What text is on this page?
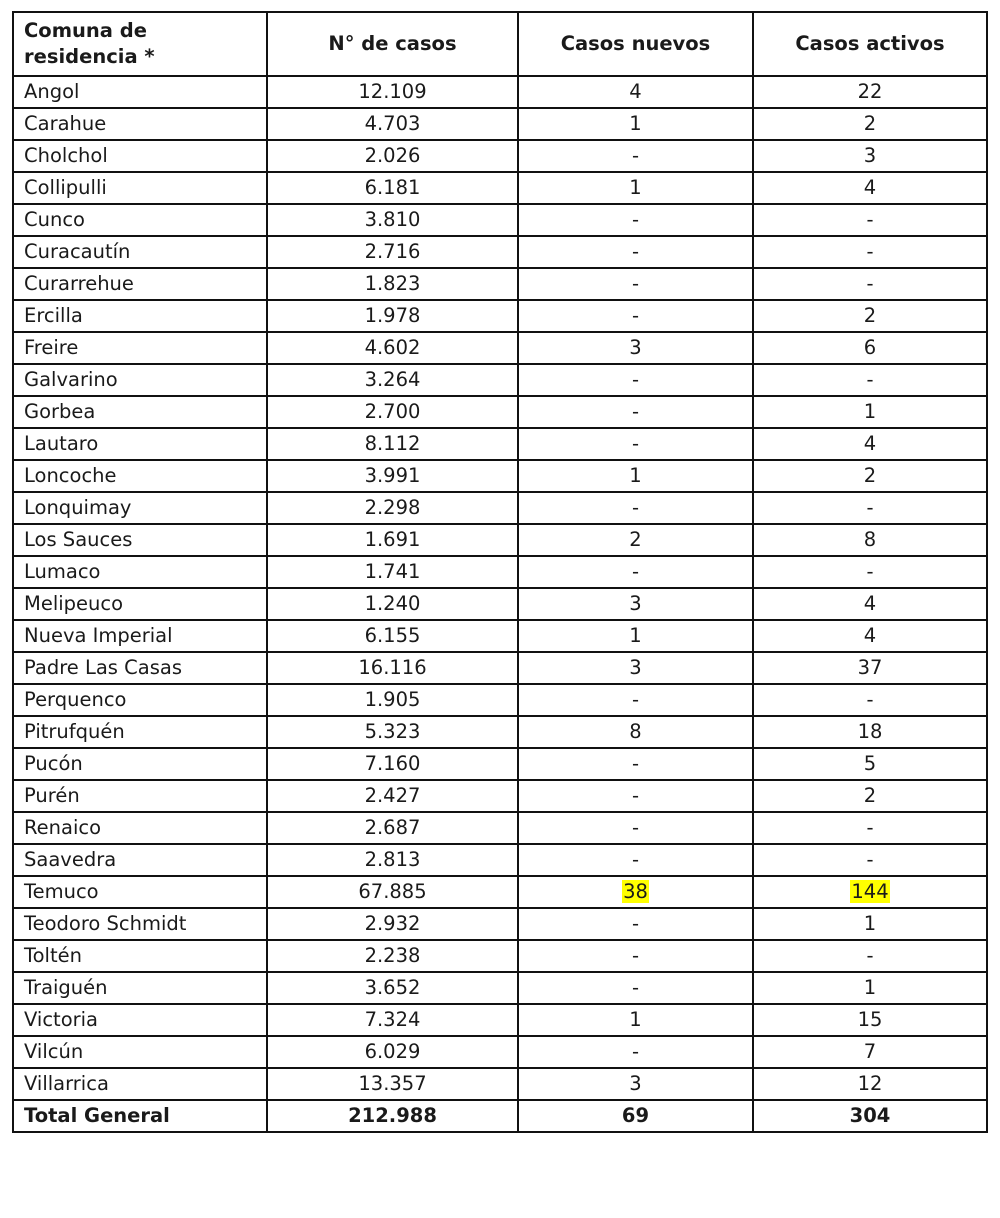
Comuna de residencia *	N° de casos	Casos nuevos	Casos activos
Angol	12.109	4	22
Carahue	4.703	1	2
Cholchol	2.026	-	3
Collipulli	6.181	1	4
Cunco	3.810	-	-
Curacautín	2.716	-	-
Curarrehue	1.823	-	-
Ercilla	1.978	-	2
Freire	4.602	3	6
Galvarino	3.264	-	-
Gorbea	2.700	-	1
Lautaro	8.112	-	4
Loncoche	3.991	1	2
Lonquimay	2.298	-	-
Los Sauces	1.691	2	8
Lumaco	1.741	-	-
Melipeuco	1.240	3	4
Nueva Imperial	6.155	1	4
Padre Las Casas	16.116	3	37
Perquenco	1.905	-	-
Pitrufquén	5.323	8	18
Pucón	7.160	-	5
Purén	2.427	-	2
Renaico	2.687	-	-
Saavedra	2.813	-	-
Temuco	67.885	38	144
Teodoro Schmidt	2.932	-	1
Toltén	2.238	-	-
Traiguén	3.652	-	1
Victoria	7.324	1	15
Vilcún	6.029	-	7
Villarrica	13.357	3	12
Total General	212.988	69	304
